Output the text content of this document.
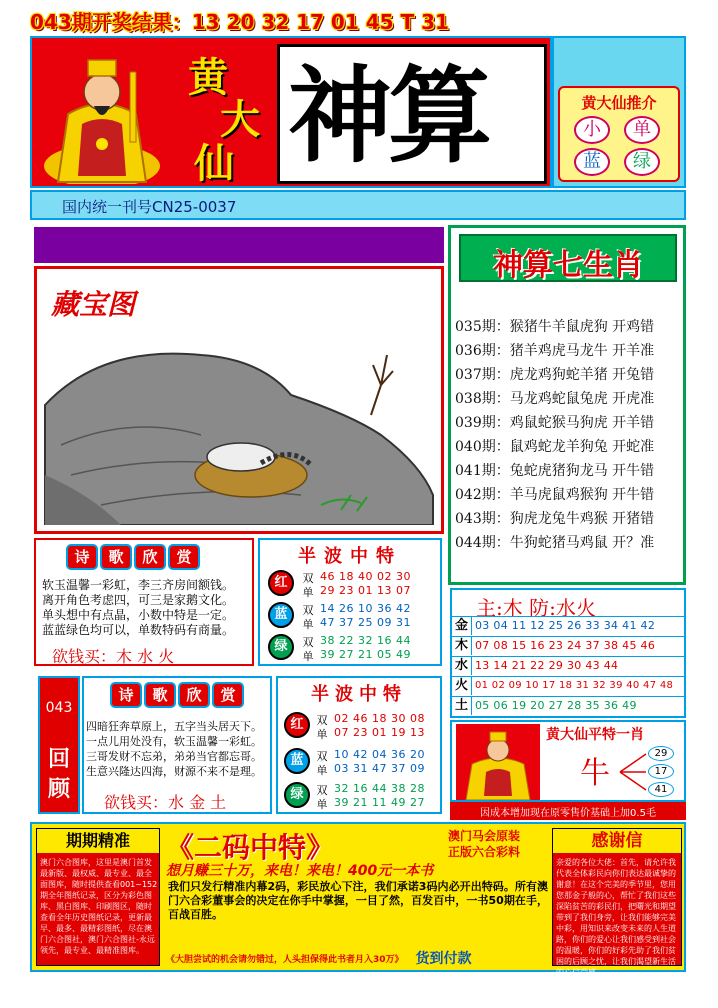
043期开奖结果：13 20 32 17 01 45 T 31
黄
大
仙 神算	黄大仙推介
小	单
蓝	绿
国内统一刊号CN25-0037
藏宝图
神算七生肖
035期：猴猪牛羊鼠虎狗 开鸡错
036期：猪羊鸡虎马龙牛 开羊准
037期：虎龙鸡狗蛇羊猪 开兔错
038期：马龙鸡蛇鼠兔虎 开虎准
039期：鸡鼠蛇猴马狗虎 开羊错
040期：鼠鸡蛇龙羊狗兔 开蛇准
041期：兔蛇虎猪狗龙马 开牛错
042期：羊马虎鼠鸡猴狗 开牛错
043期：狗虎龙兔牛鸡猴 开猪错
044期：牛狗蛇猪马鸡鼠 开？准
诗	歌	欣	赏
软玉温馨一彩虹，李三齐房间额钱。
离开角色考虑四，可三是家鹅文化。
单头想中有点晶，小数中特是一定。
蓝蓝绿色均可以，单数特码有商量。
欲钱买：木 水 火
半波中特
红	双 46 18 40 02 30
单 29 23 01 13 07
蓝	双 14 26 10 36 42
单 47 37 25 09 31
绿	双 38 22 32 16 44
单 39 27 21 05 49
043
回顾
诗	歌	欣	赏
四暗狂奔草原上，五字当头居天下。
一点儿用处没有，软玉温馨一彩虹。
三哥发财不忘弟，弟弟当官都忘哥。
生意兴隆达四海，财源不来不是理。
欲钱买：水 金 土
半波中特
红	双 02 46 18 30 08
单 07 23 01 19 13
蓝	双 10 42 04 36 20
单 03 31 47 37 09
绿	双 32 16 44 38 28
单 39 21 11 49 27
主:木 防:水火
金 03 04 11 12 25 26 33 34 41 42
木 07 08 15 16 23 24 37 38 45 46
水 13 14 21 22 29 30 43 44
火 01 02 09 10 17 18 31 32 39 40 47 48
土 05 06 19 20 27 28 35 36 49
黄大仙平特一肖
牛
29
17
41
因成本增加现在原零售价基础上加0.5毛
期期精准
澳门六合图库，这里是澳门首发最新版、最权威、最专业、最全面图库，随时提供查看001~152期全年图纸记录，区分为彩色图库、黑白图库、印刷图区，随时查看全年历史图纸记录，更新最早、最多、最精彩图纸，尽在澳门六合图社，澳门六合图社-永远领先，最专业、最精准图库。
《二码中特》	澳门马会原装
正版六合彩料
想月赚三十万，来电！来电！400元一本书
我们只发行精准内幕2码，彩民放心下注，我们承诺3码内必开出特码。所有澳门六合彩董事会的决定在你手中掌握，一目了然，百发百中，一书50期在手，百战百胜。
《大胆尝试的机会请勿错过，人头担保得此书者月入30万》 货到付款
感谢信
亲爱的各位大佬：首先，请允许我代表全体彩民向你们表达最诚挚的谢意！在这个完美的季节里，您用您那金子般的心，帮忙了我们这些深陷贫苦的彩民们，把曙光和期望带到了我们身旁，让我们能够完美中彩，用知识来改变未来的人生道路，你们的爱心让我们感受到社会的温暖，你们的好彩先助了我们贫困的后顾之忧，让我们渴望新生活的心信受感
